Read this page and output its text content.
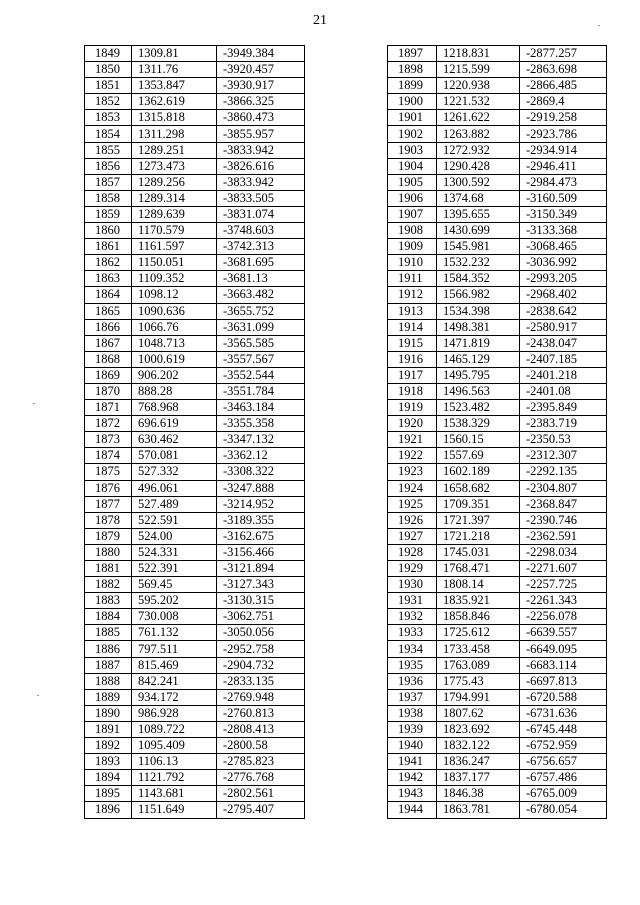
21
1849	1309.81	-3949.384
1850	1311.76	-3920.457
1851	1353.847	-3930.917
1852	1362.619	-3866.325
1853	1315.818	-3860.473
1854	1311.298	-3855.957
1855	1289.251	-3833.942
1856	1273.473	-3826.616
1857	1289.256	-3833.942
1858	1289.314	-3833.505
1859	1289.639	-3831.074
1860	1170.579	-3748.603
1861	1161.597	-3742.313
1862	1150.051	-3681.695
1863	1109.352	-3681.13
1864	1098.12	-3663.482
1865	1090.636	-3655.752
1866	1066.76	-3631.099
1867	1048.713	-3565.585
1868	1000.619	-3557.567
1869	906.202	-3552.544
1870	888.28	-3551.784
1871	768.968	-3463.184
1872	696.619	-3355.358
1873	630.462	-3347.132
1874	570.081	-3362.12
1875	527.332	-3308.322
1876	496.061	-3247.888
1877	527.489	-3214.952
1878	522.591	-3189.355
1879	524.00	-3162.675
1880	524.331	-3156.466
1881	522.391	-3121.894
1882	569.45	-3127.343
1883	595.202	-3130.315
1884	730.008	-3062.751
1885	761.132	-3050.056
1886	797.511	-2952.758
1887	815.469	-2904.732
1888	842.241	-2833.135
1889	934.172	-2769.948
1890	986.928	-2760.813
1891	1089.722	-2808.413
1892	1095.409	-2800.58
1893	1106.13	-2785.823
1894	1121.792	-2776.768
1895	1143.681	-2802.561
1896	1151.649	-2795.407
1897	1218.831	-2877.257
1898	1215.599	-2863.698
1899	1220.938	-2866.485
1900	1221.532	-2869.4
1901	1261.622	-2919.258
1902	1263.882	-2923.786
1903	1272.932	-2934.914
1904	1290.428	-2946.411
1905	1300.592	-2984.473
1906	1374.68	-3160.509
1907	1395.655	-3150.349
1908	1430.699	-3133.368
1909	1545.981	-3068.465
1910	1532.232	-3036.992
1911	1584.352	-2993.205
1912	1566.982	-2968.402
1913	1534.398	-2838.642
1914	1498.381	-2580.917
1915	1471.819	-2438.047
1916	1465.129	-2407.185
1917	1495.795	-2401.218
1918	1496.563	-2401.08
1919	1523.482	-2395.849
1920	1538.329	-2383.719
1921	1560.15	-2350.53
1922	1557.69	-2312.307
1923	1602.189	-2292.135
1924	1658.682	-2304.807
1925	1709.351	-2368.847
1926	1721.397	-2390.746
1927	1721.218	-2362.591
1928	1745.031	-2298.034
1929	1768.471	-2271.607
1930	1808.14	-2257.725
1931	1835.921	-2261.343
1932	1858.846	-2256.078
1933	1725.612	-6639.557
1934	1733.458	-6649.095
1935	1763.089	-6683.114
1936	1775.43	-6697.813
1937	1794.991	-6720.588
1938	1807.62	-6731.636
1939	1823.692	-6745.448
1940	1832.122	-6752.959
1941	1836.247	-6756.657
1942	1837.177	-6757.486
1943	1846.38	-6765.009
1944	1863.781	-6780.054
